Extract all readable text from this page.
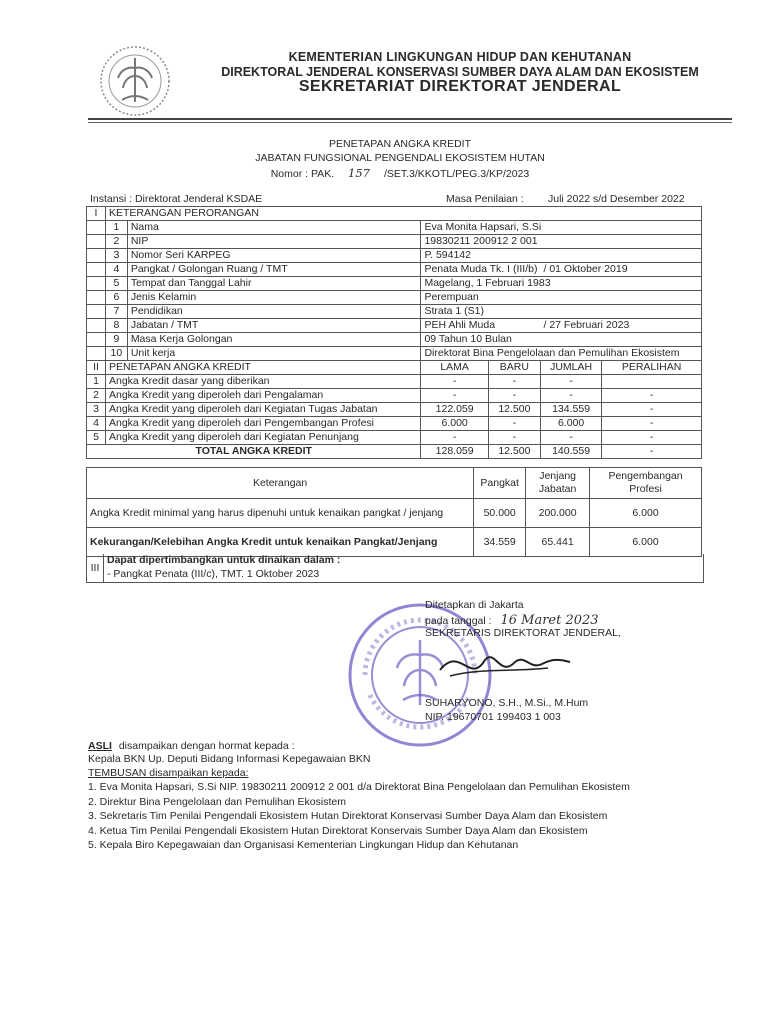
KEMENTERIAN LINGKUNGAN HIDUP DAN KEHUTANAN
DIREKTORAL JENDERAL KONSERVASI SUMBER DAYA ALAM DAN EKOSISTEM
SEKRETARIAT DIREKTORAT JENDERAL
PENETAPAN ANGKA KREDIT
JABATAN FUNGSIONAL PENGENDALI EKOSISTEM HUTAN
Nomor : PAK. 157 /SET.3/KKOTL/PEG.3/KP/2023
Instansi : Direktorat Jenderal KSDAE	Masa Penilaian : Juli 2022 s/d Desember 2022
I	KETERANGAN PERORANGAN					
	1	Nama	Eva Monita Hapsari, S.Si			
	2	NIP	19830211 200912 2 001			
	3	Nomor Seri KARPEG	P. 594142			
	4	Pangkat / Golongan Ruang / TMT	Penata Muda Tk. I (III/b)		/ 01 Oktober 2019	
	5	Tempat dan Tanggal Lahir	Magelang, 1 Februari 1983			
	6	Jenis Kelamin	Perempuan			
	7	Pendidikan	Strata 1 (S1)			
	8	Jabatan / TMT	PEH Ahli Muda		/ 27 Februari 2023	
	9	Masa Kerja Golongan	09 Tahun 10 Bulan			
	10	Unit kerja	Direktorat Bina Pengelolaan dan Pemulihan Ekosistem			
II	PENETAPAN ANGKA KREDIT		LAMA	BARU	JUMLAH	PERALIHAN
1	Angka Kredit dasar yang diberikan		-	-	-	
2	Angka Kredit yang diperoleh dari Pengalaman		-	-	-	-
3	Angka Kredit yang diperoleh dari Kegiatan Tugas Jabatan		122.059	12.500	134.559	-
4	Angka Kredit yang diperoleh dari Pengembangan Profesi		6.000	-	6.000	-
5	Angka Kredit yang diperoleh dari Kegiatan Penunjang		-	-	-	-
TOTAL ANGKA KREDIT			128.059	12.500	140.559	-
Keterangan	Pangkat	Jenjang Jabatan	Pengembangan Profesi
Angka Kredit minimal yang harus dipenuhi untuk kenaikan pangkat / jenjang	50.000	200.000	6.000
Kekurangan/Kelebihan Angka Kredit untuk kenaikan Pangkat/Jenjang	34.559	65.441	6.000
III
Dapat dipertimbangkan untuk dinaikan dalam :
- Pangkat Penata (III/c), TMT. 1 Oktober 2023
Ditetapkan di Jakarta
pada tanggal : 16 Maret 2023
SEKRETARIS DIREKTORAT JENDERAL,
SUHARYONO, S.H., M.Si., M.Hum
NIP. 19670701 199403 1 003
ASLI disampaikan dengan hormat kepada :
Kepala BKN Up. Deputi Bidang Informasi Kepegawaian BKN
TEMBUSAN disampaikan kepada:
1. Eva Monita Hapsari, S.Si NIP. 19830211 200912 2 001 d/a Direktorat Bina Pengelolaan dan Pemulihan Ekosistem
2. Direktur Bina Pengelolaan dan Pemulihan Ekosistem
3. Sekretaris Tim Penilai Pengendali Ekosistem Hutan Direktorat Konservasi Sumber Daya Alam dan Ekosistem
4. Ketua Tim Penilai Pengendali Ekosistem Hutan Direktorat Konservais Sumber Daya Alam dan Ekosistem
5. Kepala Biro Kepegawaian dan Organisasi Kementerian Lingkungan Hidup dan Kehutanan
